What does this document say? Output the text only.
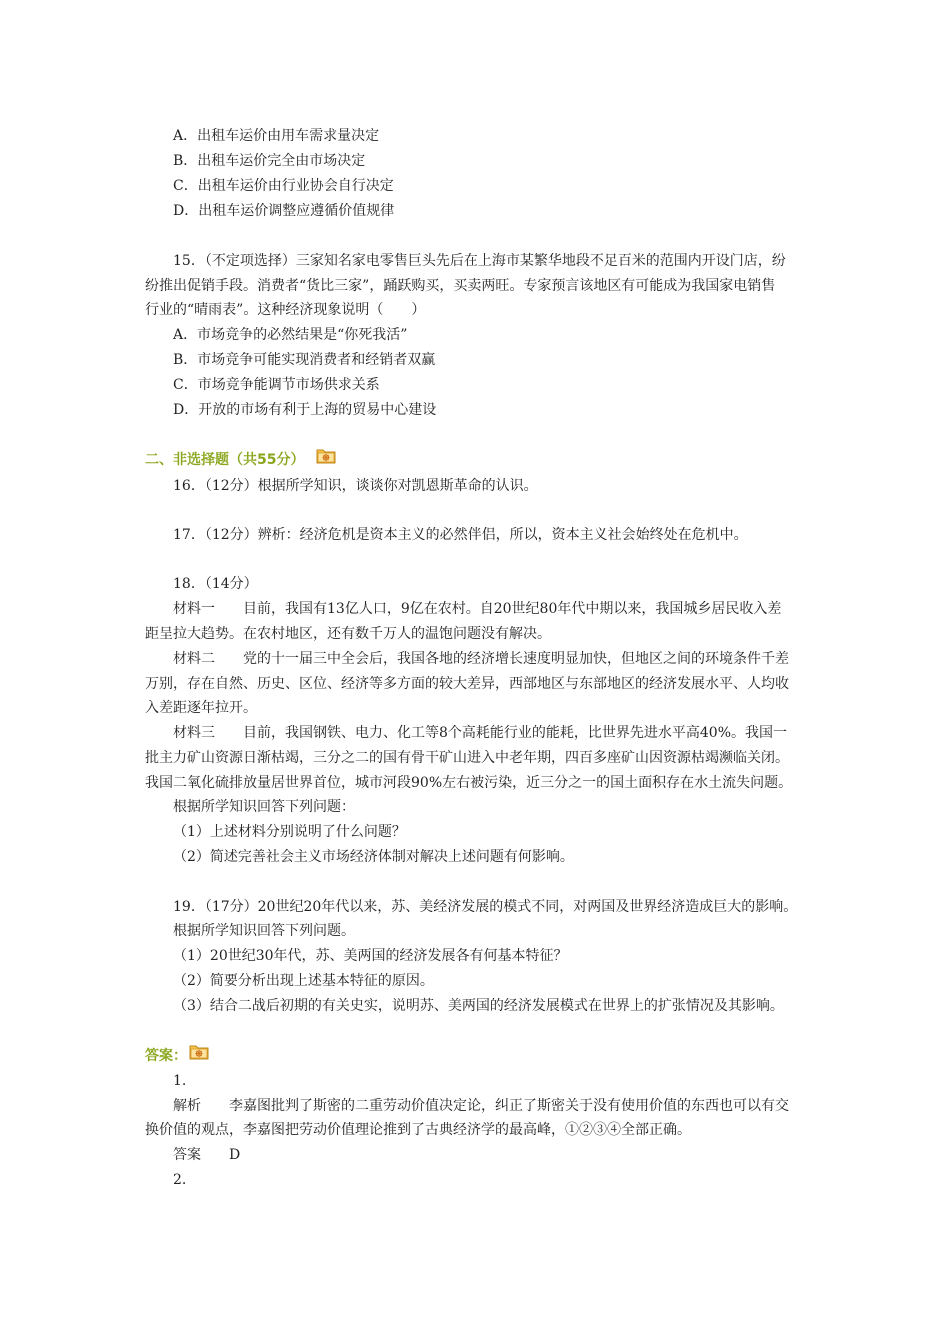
A．出租车运价由用车需求量决定
B．出租车运价完全由市场决定
C．出租车运价由行业协会自行决定
D．出租车运价调整应遵循价值规律
15．（不定项选择）三家知名家电零售巨头先后在上海市某繁华地段不足百米的范围内开设门店，纷
纷推出促销手段。消费者“货比三家”，踊跃购买，买卖两旺。专家预言该地区有可能成为我国家电销售
行业的“晴雨表”。这种经济现象说明（　　）
A．市场竞争的必然结果是“你死我活”
B．市场竞争可能实现消费者和经销者双赢
C．市场竞争能调节市场供求关系
D．开放的市场有利于上海的贸易中心建设
二、非选择题（共55分）
16．（12分）根据所学知识，谈谈你对凯恩斯革命的认识。
17．（12分）辨析：经济危机是资本主义的必然伴侣，所以，资本主义社会始终处在危机中。
18．（14分）
材料一　　目前，我国有13亿人口，9亿在农村。自20世纪80年代中期以来，我国城乡居民收入差
距呈拉大趋势。在农村地区，还有数千万人的温饱问题没有解决。
材料二　　党的十一届三中全会后，我国各地的经济增长速度明显加快，但地区之间的环境条件千差
万别，存在自然、历史、区位、经济等多方面的较大差异，西部地区与东部地区的经济发展水平、人均收
入差距逐年拉开。
材料三　　目前，我国钢铁、电力、化工等8个高耗能行业的能耗，比世界先进水平高40%。我国一
批主力矿山资源日渐枯竭，三分之二的国有骨干矿山进入中老年期，四百多座矿山因资源枯竭濒临关闭。
我国二氧化硫排放量居世界首位，城市河段90%左右被污染，近三分之一的国土面积存在水土流失问题。
根据所学知识回答下列问题：
（1）上述材料分别说明了什么问题？
（2）简述完善社会主义市场经济体制对解决上述问题有何影响。
19．（17分）20世纪20年代以来，苏、美经济发展的模式不同，对两国及世界经济造成巨大的影响。
根据所学知识回答下列问题。
（1）20世纪30年代，苏、美两国的经济发展各有何基本特征？
（2）简要分析出现上述基本特征的原因。
（3）结合二战后初期的有关史实，说明苏、美两国的经济发展模式在世界上的扩张情况及其影响。
答案：
1.
解析　　李嘉图批判了斯密的二重劳动价值决定论，纠正了斯密关于没有使用价值的东西也可以有交
换价值的观点，李嘉图把劳动价值理论推到了古典经济学的最高峰，①②③④全部正确。
答案　　D
2.
